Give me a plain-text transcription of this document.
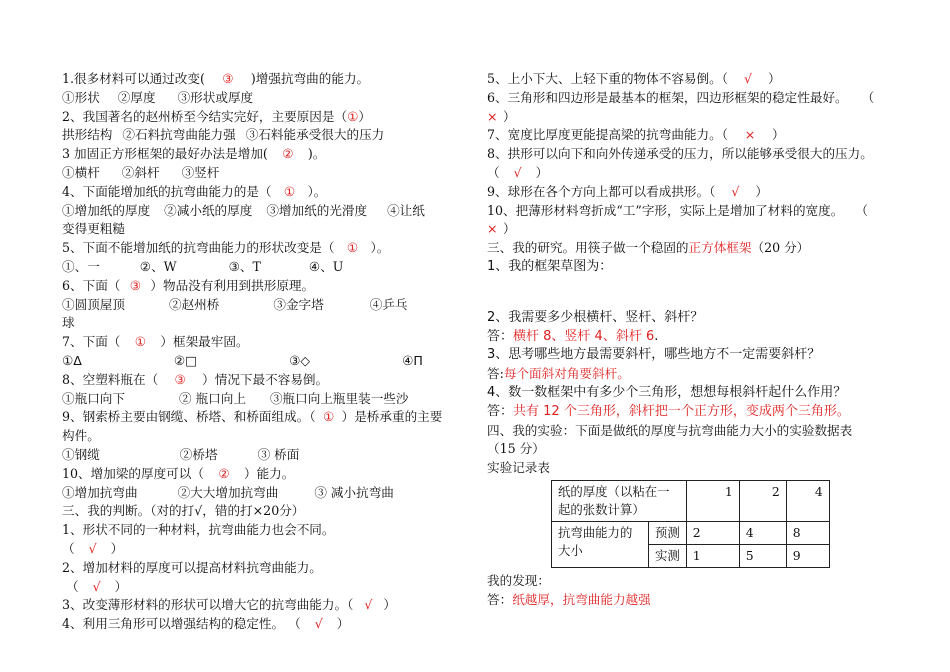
1.很多材料可以通过改变( ③ )增强抗弯曲的能力。
①形状 ②厚度 ③形状或厚度
2、我国著名的赵州桥至今结实完好，主要原因是（①）
拱形结构 ②石料抗弯曲能力强 ③石料能承受很大的压力
3 加固正方形框架的最好办法是增加( ② )。
①横杆 ②斜杆 ③竖杆
4、下面能增加纸的抗弯曲能力的是（ ① ）。
①增加纸的厚度 ②减小纸的厚度 ③增加纸的光滑度 ④让纸
变得更粗糙
5、下面不能增加纸的抗弯曲能力的形状改变是（ ① ）。
①、一	②、W	③、T	④、U
6、下面（ ③ ）物品没有利用到拱形原理。
①圆顶屋顶	②赵州桥	③金字塔	④乒乓
球
7、下面（ ① ）框架最牢固。
①Δ	②□	③◇	④Π
8、空塑料瓶在（ ③ ）情况下最不容易倒。
①瓶口向下	② 瓶口向上 ③瓶口向上瓶里装一些沙
9、钢索桥主要由钢缆、桥塔、和桥面组成。（ ① ）是桥承重的主要
构件。
①钢缆	②桥塔	③ 桥面
10、增加梁的厚度可以（ ② ）能力。
①增加抗弯曲	②大大增加抗弯曲	③ 减小抗弯曲
三、我的判断。（对的打√，错的打×20分）
1、形状不同的一种材料，抗弯曲能力也会不同。
（ √ ）
2、增加材料的厚度可以提高材料抗弯曲能力。
（ √ ）
3、改变薄形材料的形状可以增大它的抗弯曲能力。（ √ ）
4、利用三角形可以增强结构的稳定性。 （ √ ）
5、上小下大、上轻下重的物体不容易倒。（ √ ）
6、三角形和四边形是最基本的框架，四边形框架的稳定性最好。 （
× ）
7、宽度比厚度更能提高梁的抗弯曲能力。（ × ）
8、拱形可以向下和向外传递承受的压力，所以能够承受很大的压力。
（ √ ）
9、球形在各个方向上都可以看成拱形。（ √ ）
10、把薄形材料弯折成“工”字形，实际上是增加了材料的宽度。 （
× ）
三、我的研究。用筷子做一个稳固的正方体框架（20 分）
1、我的框架草图为：
2、我需要多少根横杆、竖杆、斜杆？
答：横杆 8、竖杆 4、斜杆 6.
3、思考哪些地方最需要斜杆，哪些地方不一定需要斜杆？
答:每个面斜对角要斜杆。
4、数一数框架中有多少个三角形，想想每根斜杆起什么作用？
答：共有 12 个三角形，斜杆把一个正方形，变成两个三角形。
四、我的实验：下面是做纸的厚度与抗弯曲能力大小的实验数据表
（15 分）
实验记录表
纸的厚度（以粘在一起的张数计算）		1	2	4
抗弯曲能力的大小	预测	2	4	8
	实测	1	5	9
我的发现：
答：纸越厚，抗弯曲能力越强
